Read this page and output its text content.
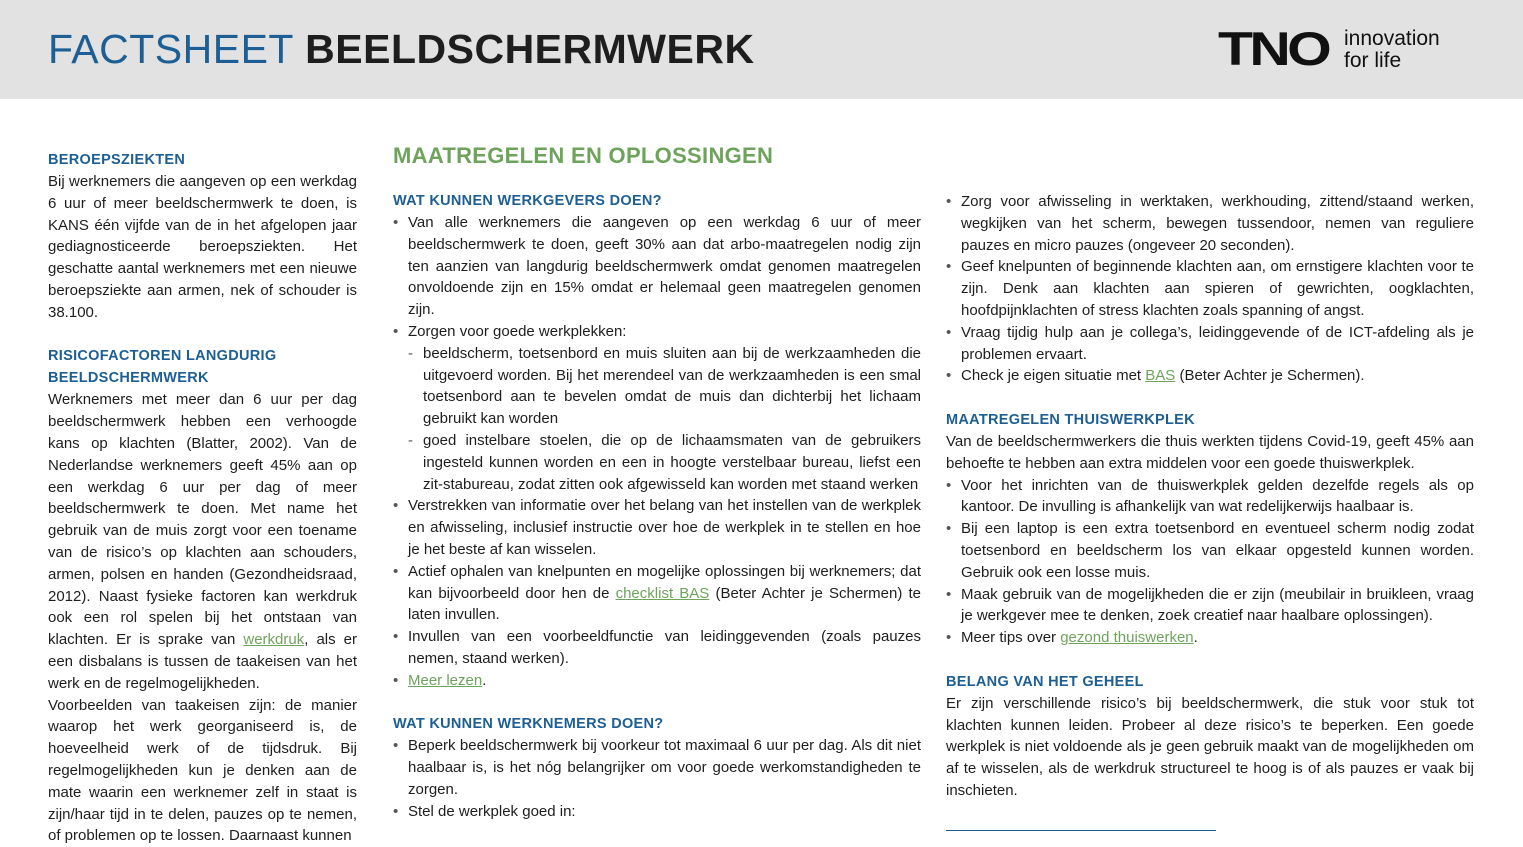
FACTSHEET BEELDSCHERMWERK	TNO innovation
for life
BEROEPSZIEKTEN

Bij werknemers die aangeven op een werkdag 6 uur of meer beeldschermwerk te doen, is KANS één vijfde van de in het afgelopen jaar gediagnosticeerde beroepsziekten. Het geschatte aantal werknemers met een nieuwe beroepsziekte aan armen, nek of schouder is 38.100.

RISICOFACTOREN LANGDURIG
BEELDSCHERMWERK

Werknemers met meer dan 6 uur per dag beeldschermwerk hebben een verhoogde kans op klachten (Blatter, 2002). Van de Nederlandse werknemers geeft 45% aan op een werkdag 6 uur per dag of meer beeldschermwerk te doen. Met name het gebruik van de muis zorgt voor een toename van de risico’s op klachten aan schouders, armen, polsen en handen (Gezondheidsraad, 2012). Naast fysieke factoren kan werkdruk ook een rol spelen bij het ontstaan van klachten. Er is sprake van werkdruk, als er een disbalans is tussen de taakeisen van het werk en de regelmogelijkheden.

Voorbeelden van taakeisen zijn: de manier waarop het werk georganiseerd is, de hoeveelheid werk of de tijdsdruk. Bij regelmogelijkheden kun je denken aan de mate waarin een werknemer zelf in staat is zijn/haar tijd in te delen, pauzes op te nemen, of problemen op te lossen. Daarnaast kunnen

MAATREGELEN EN OPLOSSINGEN
WAT KUNNEN WERKGEVERS DOEN?
• Van alle werknemers die aangeven op een werkdag 6 uur of meer beeldschermwerk te doen, geeft 30% aan dat arbo-maatregelen nodig zijn ten aanzien van langdurig beeldschermwerk omdat genomen maatregelen onvoldoende zijn en 15% omdat er helemaal geen maatregelen genomen zijn.
• Zorgen voor goede werkplekken:
- beeldscherm, toetsenbord en muis sluiten aan bij de werkzaamheden die uitgevoerd worden. Bij het merendeel van de werkzaamheden is een smal toetsenbord aan te bevelen omdat de muis dan dichterbij het lichaam gebruikt kan worden
- goed instelbare stoelen, die op de lichaamsmaten van de gebruikers ingesteld kunnen worden en een in hoogte verstelbaar bureau, liefst een zit-stabureau, zodat zitten ook afgewisseld kan worden met staand werken
• Verstrekken van informatie over het belang van het instellen van de werkplek en afwisseling, inclusief instructie over hoe de werkplek in te stellen en hoe je het beste af kan wisselen.
• Actief ophalen van knelpunten en mogelijke oplossingen bij werknemers; dat kan bijvoorbeeld door hen de checklist BAS (Beter Achter je Schermen) te laten invullen.
• Invullen van een voorbeeldfunctie van leidinggevenden (zoals pauzes nemen, staand werken).
• Meer lezen.
WAT KUNNEN WERKNEMERS DOEN?
• Beperk beeldschermwerk bij voorkeur tot maximaal 6 uur per dag. Als dit niet haalbaar is, is het nóg belangrijker om voor goede werkomstandigheden te zorgen.
• Stel de werkplek goed in:
• Zorg voor afwisseling in werktaken, werkhouding, zittend/staand werken, wegkijken van het scherm, bewegen tussendoor, nemen van reguliere pauzes en micro pauzes (ongeveer 20 seconden).
• Geef knelpunten of beginnende klachten aan, om ernstigere klachten voor te zijn. Denk aan klachten aan spieren of gewrichten, oogklachten, hoofdpijnklachten of stress klachten zoals spanning of angst.
• Vraag tijdig hulp aan je collega’s, leidinggevende of de ICT-afdeling als je problemen ervaart.
• Check je eigen situatie met BAS (Beter Achter je Schermen).
MAATREGELEN THUISWERKPLEK

Van de beeldschermwerkers die thuis werkten tijdens Covid-19, geeft 45% aan behoefte te hebben aan extra middelen voor een goede thuiswerkplek.

• Voor het inrichten van de thuiswerkplek gelden dezelfde regels als op kantoor. De invulling is afhankelijk van wat redelijkerwijs haalbaar is.
• Bij een laptop is een extra toetsenbord en eventueel scherm nodig zodat toetsenbord en beeldscherm los van elkaar opgesteld kunnen worden. Gebruik ook een losse muis.
• Maak gebruik van de mogelijkheden die er zijn (meubilair in bruikleen, vraag je werkgever mee te denken, zoek creatief naar haalbare oplossingen).
• Meer tips over gezond thuiswerken.
BELANG VAN HET GEHEEL

Er zijn verschillende risico’s bij beeldschermwerk, die stuk voor stuk tot klachten kunnen leiden. Probeer al deze risico’s te beperken. Een goede werkplek is niet voldoende als je geen gebruik maakt van de mogelijkheden om af te wisselen, als de werkdruk structureel te hoog is of als pauzes er vaak bij inschieten.
